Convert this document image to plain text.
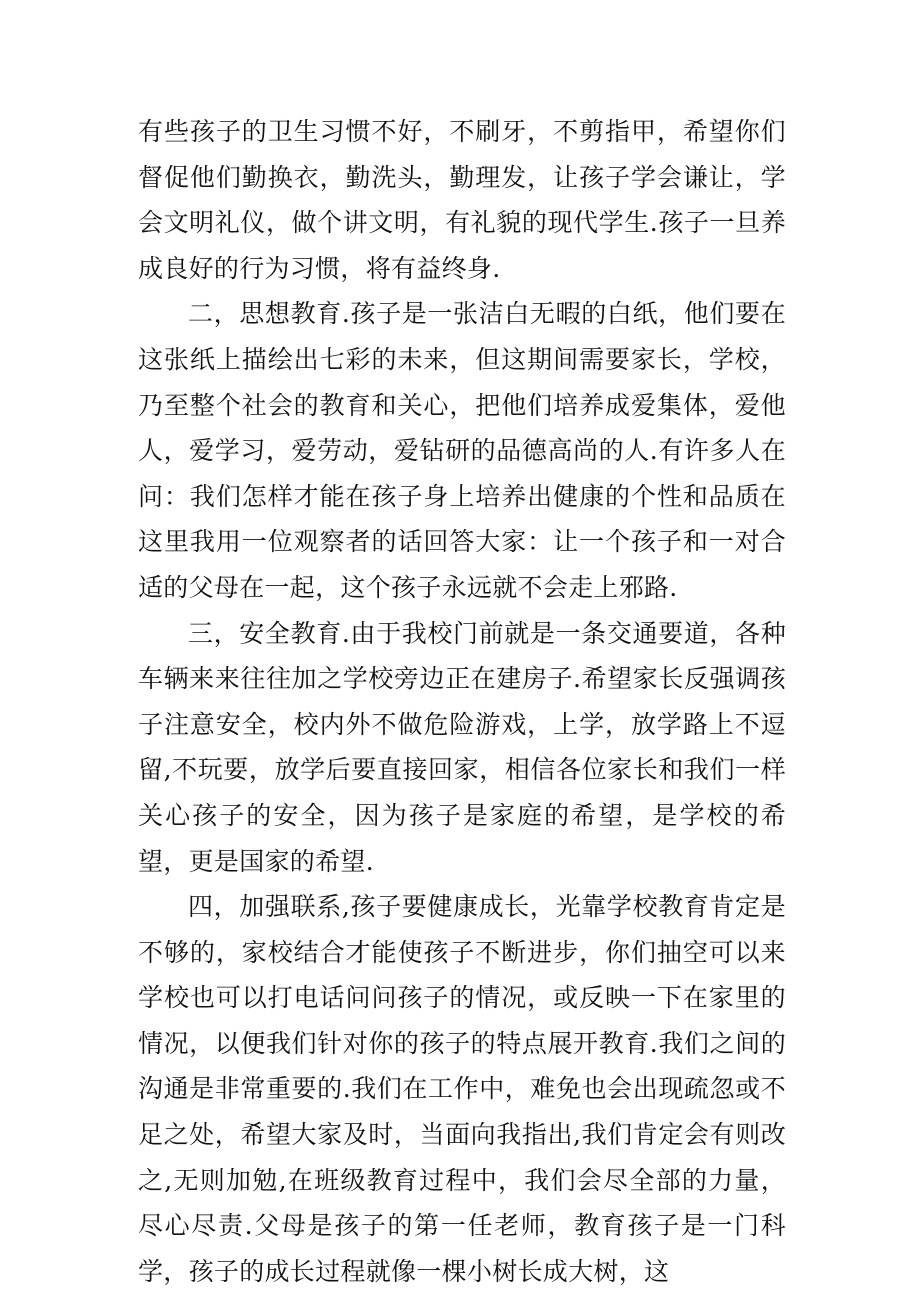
有些孩子的卫生习惯不好，不刷牙，不剪指甲，希望你们督促他们勤换衣，勤洗头，勤理发，让孩子学会谦让，学会文明礼仪，做个讲文明，有礼貌的现代学生.孩子一旦养成良好的行为习惯，将有益终身.

二，思想教育.孩子是一张洁白无暇的白纸，他们要在这张纸上描绘出七彩的未来，但这期间需要家长，学校，乃至整个社会的教育和关心，把他们培养成爱集体，爱他人，爱学习，爱劳动，爱钻研的品德高尚的人.有许多人在问：我们怎样才能在孩子身上培养出健康的个性和品质在这里我用一位观察者的话回答大家：让一个孩子和一对合适的父母在一起，这个孩子永远就不会走上邪路.

三，安全教育.由于我校门前就是一条交通要道，各种车辆来来往往加之学校旁边正在建房子.希望家长反强调孩子注意安全，校内外不做危险游戏，上学，放学路上不逗留,不玩要，放学后要直接回家，相信各位家长和我们一样关心孩子的安全，因为孩子是家庭的希望，是学校的希望，更是国家的希望.

四，加强联系,孩子要健康成长，光靠学校教育肯定是不够的，家校结合才能使孩子不断进步，你们抽空可以来学校也可以打电话问问孩子的情况，或反映一下在家里的情况，以便我们针对你的孩子的特点展开教育.我们之间的沟通是非常重要的.我们在工作中，难免也会出现疏忽或不足之处，希望大家及时，当面向我指出,我们肯定会有则改之,无则加勉,在班级教育过程中，我们会尽全部的力量，尽心尽责.父母是孩子的第一任老师，教育孩子是一门科学，孩子的成长过程就像一棵小树长成大树，这
